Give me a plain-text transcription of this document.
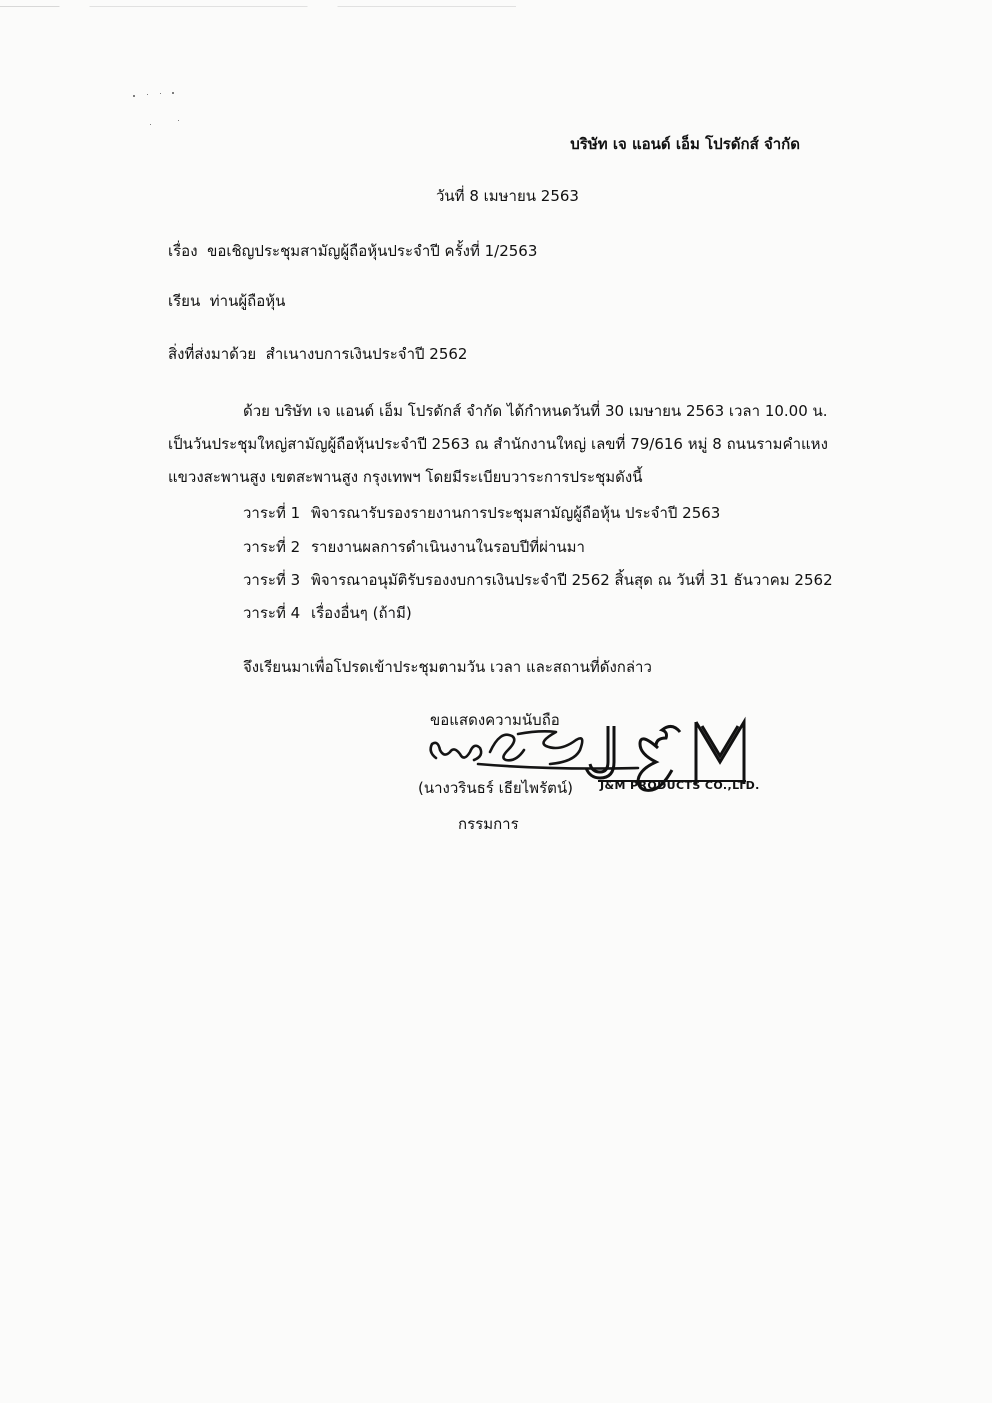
บริษัท เจ แอนด์ เอ็ม โปรดักส์ จำกัด
วันที่ 8 เมษายน 2563
เรื่อง ขอเชิญประชุมสามัญผู้ถือหุ้นประจำปี ครั้งที่ 1/2563
เรียน ท่านผู้ถือหุ้น
สิ่งที่ส่งมาด้วย สำเนางบการเงินประจำปี 2562
ด้วย บริษัท เจ แอนด์ เอ็ม โปรดักส์ จำกัด ได้กำหนดวันที่ 30 เมษายน 2563 เวลา 10.00 น.
เป็นวันประชุมใหญ่สามัญผู้ถือหุ้นประจำปี 2563 ณ สำนักงานใหญ่ เลขที่ 79/616 หมู่ 8 ถนนรามคำแหง
แขวงสะพานสูง เขตสะพานสูง กรุงเทพฯ โดยมีระเบียบวาระการประชุมดังนี้
วาระที่ 1 พิจารณารับรองรายงานการประชุมสามัญผู้ถือหุ้น ประจำปี 2563
วาระที่ 2 รายงานผลการดำเนินงานในรอบปีที่ผ่านมา
วาระที่ 3 พิจารณาอนุมัติรับรองงบการเงินประจำปี 2562 สิ้นสุด ณ วันที่ 31 ธันวาคม 2562
วาระที่ 4 เรื่องอื่นๆ (ถ้ามี)
จึงเรียนมาเพื่อโปรดเข้าประชุมตามวัน เวลา และสถานที่ดังกล่าว
ขอแสดงความนับถือ
J&M PRODUCTS CO.,LTD.
(นางวรินธร์ เธียไพรัตน์)
กรรมการ
